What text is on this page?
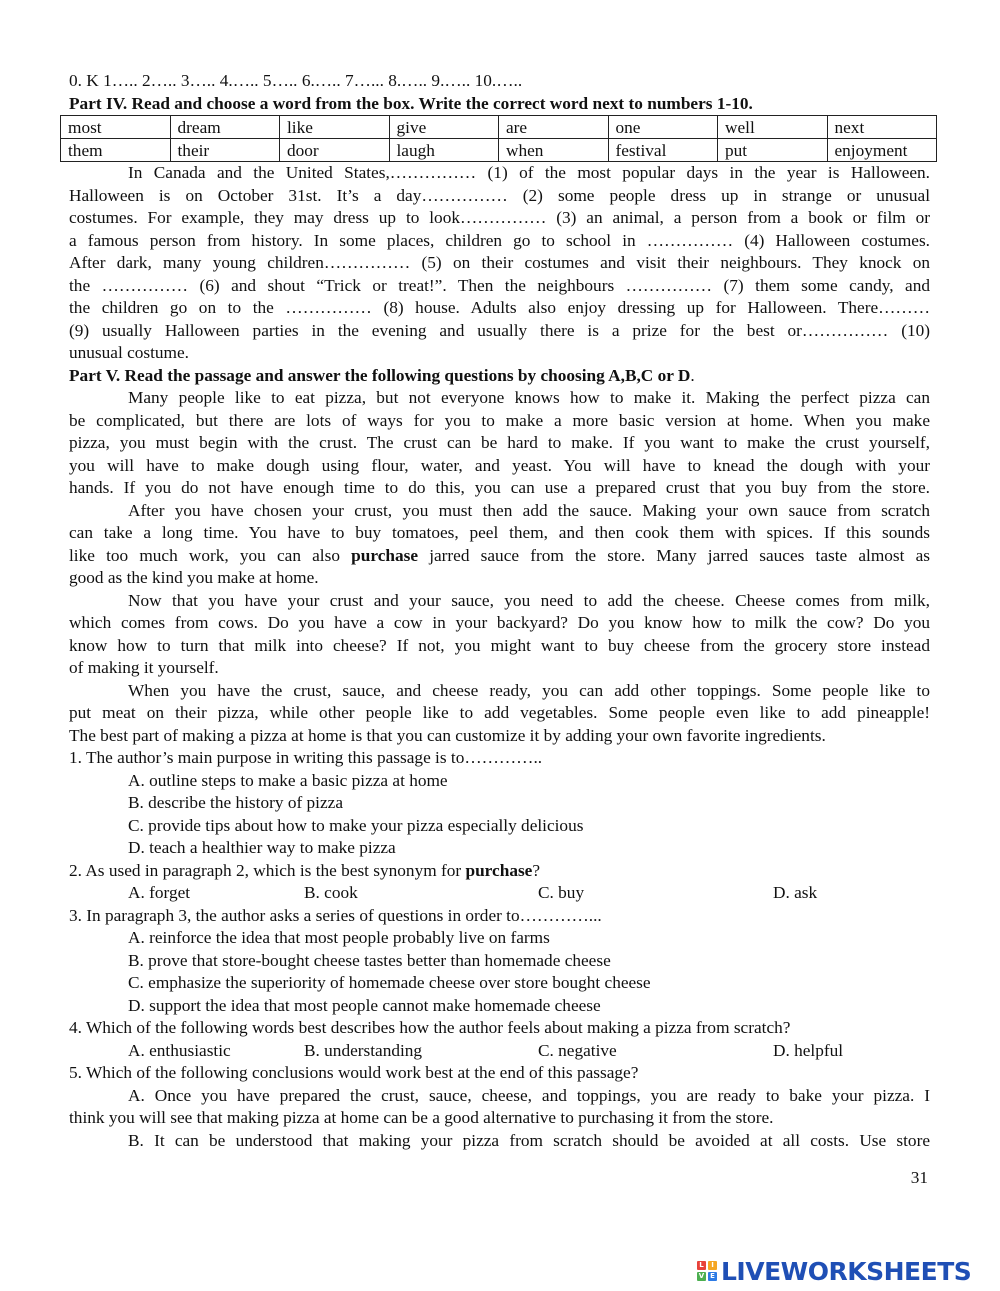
0. K 1….. 2….. 3….. 4.….. 5….. 6.….. 7…... 8.….. 9.….. 10.…..
Part IV. Read and choose a word from the box. Write the correct word next to numbers 1-10.
most	dream	like	give	are	one	well	next
them	their	door	laugh	when	festival	put	enjoyment
In Canada and the United States,…………… (1) of the most popular days in the year is Halloween.
Halloween is on October 31st. It’s a day…………… (2) some people dress up in strange or unusual
costumes. For example, they may dress up to look…………… (3) an animal, a person from a book or film or
a famous person from history. In some places, children go to school in …………… (4) Halloween costumes.
After dark, many young children…………… (5) on their costumes and visit their neighbours. They knock on
the …………… (6) and shout “Trick or treat!”. Then the neighbours …………… (7) them some candy, and
the children go on to the …………… (8) house. Adults also enjoy dressing up for Halloween. There………
(9) usually Halloween parties in the evening and usually there is a prize for the best or…………… (10)
unusual costume.
Part V. Read the passage and answer the following questions by choosing A,B,C or D.
Many people like to eat pizza, but not everyone knows how to make it. Making the perfect pizza can
be complicated, but there are lots of ways for you to make a more basic version at home. When you make
pizza, you must begin with the crust. The crust can be hard to make. If you want to make the crust yourself,
you will have to make dough using flour, water, and yeast. You will have to knead the dough with your
hands. If you do not have enough time to do this, you can use a prepared crust that you buy from the store.
After you have chosen your crust, you must then add the sauce. Making your own sauce from scratch
can take a long time. You have to buy tomatoes, peel them, and then cook them with spices. If this sounds
like too much work, you can also purchase jarred sauce from the store. Many jarred sauces taste almost as
good as the kind you make at home.
Now that you have your crust and your sauce, you need to add the cheese. Cheese comes from milk,
which comes from cows. Do you have a cow in your backyard? Do you know how to milk the cow? Do you
know how to turn that milk into cheese? If not, you might want to buy cheese from the grocery store instead
of making it yourself.
When you have the crust, sauce, and cheese ready, you can add other toppings. Some people like to
put meat on their pizza, while other people like to add vegetables. Some people even like to add pineapple!
The best part of making a pizza at home is that you can customize it by adding your own favorite ingredients.
1. The author’s main purpose in writing this passage is to…………..
A. outline steps to make a basic pizza at home
B. describe the history of pizza
C. provide tips about how to make your pizza especially delicious
D. teach a healthier way to make pizza
2. As used in paragraph 2, which is the best synonym for purchase?
A. forget	B. cook	C. buy	D. ask
3. In paragraph 3, the author asks a series of questions in order to…………...
A. reinforce the idea that most people probably live on farms
B. prove that store-bought cheese tastes better than homemade cheese
C. emphasize the superiority of homemade cheese over store bought cheese
D. support the idea that most people cannot make homemade cheese
4. Which of the following words best describes how the author feels about making a pizza from scratch?
A. enthusiastic	B. understanding	C. negative	D. helpful
5. Which of the following conclusions would work best at the end of this passage?
A. Once you have prepared the crust, sauce, cheese, and toppings, you are ready to bake your pizza. I
think you will see that making pizza at home can be a good alternative to purchasing it from the store.
B. It can be understood that making your pizza from scratch should be avoided at all costs. Use store
31
L	I
V E LIVEWORKSHEETS
